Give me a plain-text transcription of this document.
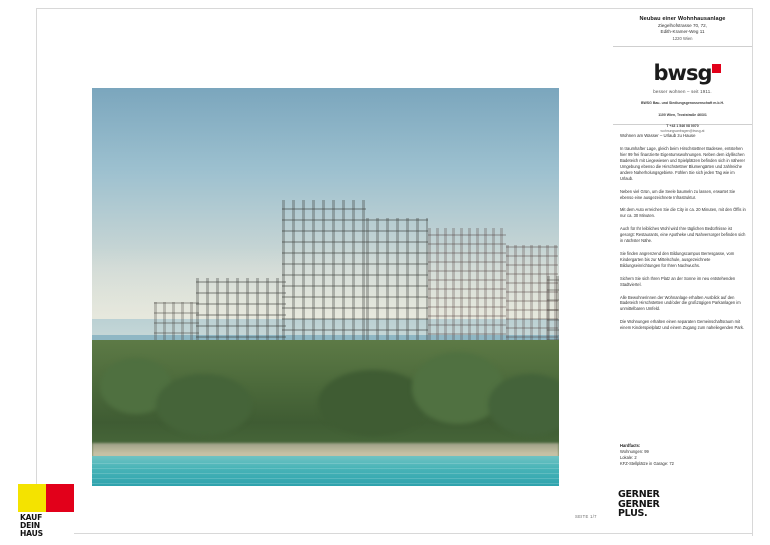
Neubau einer Wohnhausanlage
Ziegelhofstrasse 70, 72,
Edith-Kramer-Weg 11
1220 Wien
bwsg
besser wohnen – seit 1911.
BWSG Bau- und Siedlungsgenossenschaft m.b.H.
1100 Wien, Troststraße 46/3/1
T +43 1 546 08 0070
wohnungsanfragen@bwsg.at
Wohnen am Wasser – Urlaub zu Hause
In traumhafter Lage, gleich beim Hirschstettner Badesee, entstehen hier 99 frei finanzierte Eigentumswohnungen. Neben dem idyllischen Badeteich mit Liegewiesen und Spielplätzen befinden sich in näherer Umgebung ebenso die Hirschstettner Blumengärten und zahlreiche andere Naherholungsgebiete. Fühlen Sie sich jeden Tag wie im Urlaub.
Neben viel Grün, um die Seele baumeln zu lassen, erwartet Sie ebenso eine ausgezeichnete Infrastruktur.
Mit dem Auto erreichen Sie die City in ca. 20 Minuten, mit den Öffis in nur ca. 30 Minuten.
Auch für Ihr leibliches Wohl wird Ihre täglichen Bedürfnisse ist gesorgt: Restaurants, eine Apotheke und Nahversorger befinden sich in nächster Nähe.
Sie finden angrenzend den Bildungscampus Berresgasse, vom Kindergarten bis zur Mittelschule, ausgezeichnete Bildungseinrichtungen für Ihren Nachwuchs.
Sichern Sie sich Ihren Platz an der Sonne im neu entstehenden Stadtviertel.
Alle Bewohnerinnen der Wohnanlage erhalten Ausblick auf den Badeteich Hirschstetten und/oder die großzügigen Parkanlagen im unmittelbaren Umfeld.
Die Wohnungen erhalten einen separaten Gemeinschaftsraum mit einem Kinderspielplatz und einem Zugang zum naheliegenden Park.
Hardfacts:
Wohnungen: 99
Lokale: 2
KFZ-Stellplätze in Garage: 72
GERNER
GERNER
PLUS.
KAUF
DEIN
HAUS
SEITE 1/7
